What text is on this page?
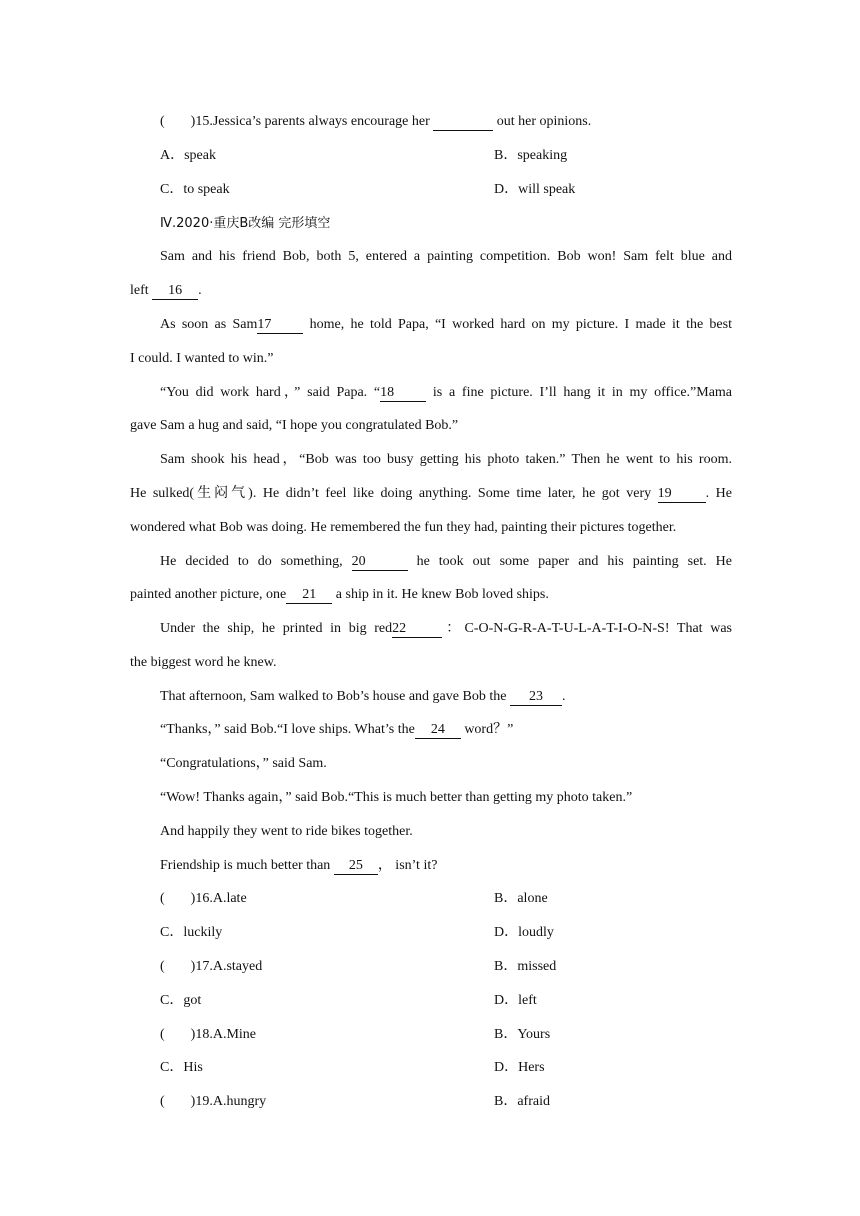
( )15.Jessica’s parents always encourage her	out her opinions.
A．speak	B．speaking
C．to speak	D．will speak
Ⅳ.2020·重庆B改编 完形填空
Sam and his friend Bob, both 5, entered a painting competition. Bob won! Sam felt blue and
left 16 .
As soon as Sam17	home, he told Papa, “I worked hard on my picture. I made it the best
I could. I wanted to win.”
“You did work hard，” said Papa. “18	is a fine picture. I’ll hang it in my office.”Mama
gave Sam a hug and said, “I hope you congratulated Bob.”
Sam shook his head，“Bob was too busy getting his photo taken.” Then he went to his room.
He sulked(生闷气). He didn’t feel like doing anything. Some time later, he got very 19 . He
wondered what Bob was doing. He remembered the fun they had, painting their pictures together.
He decided to do something, 20	he took out some paper and his painting set. He
painted another picture, one 21 a ship in it. He knew Bob loved ships.
Under the ship, he printed in big red22	：C-O-N-G-R-A-T-U-L-A-T-I-O-N-S! That was
the biggest word he knew.
That afternoon, Sam walked to Bob’s house and gave Bob the 23 .
“Thanks，” said Bob.“I love ships. What’s the 24 word？”
“Congratulations，” said Sam.
“Wow! Thanks again，” said Bob.“This is much better than getting my photo taken.”
And happily they went to ride bikes together.
Friendship is much better than 25 ， isn’t it?
( )16.A.late	B．alone
C．luckily	D．loudly
( )17.A.stayed	B．missed
C．got	D．left
( )18.A.Mine	B．Yours
C．His	D．Hers
( )19.A.hungry	B．afraid
